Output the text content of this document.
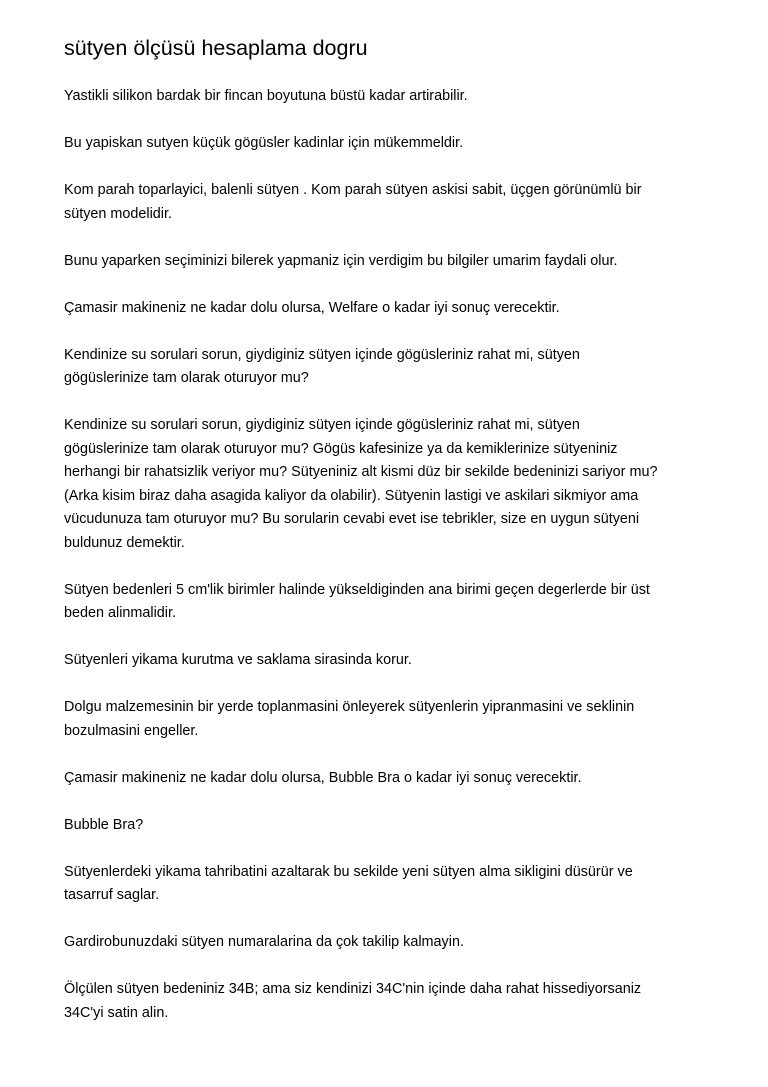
sütyen ölçüsü hesaplama dogru

Yastikli silikon bardak bir fincan boyutuna büstü kadar artirabilir.

Bu yapiskan sutyen küçük gögüsler kadinlar için mükemmeldir.

Kom parah toparlayici, balenli sütyen . Kom parah sütyen askisi sabit, üçgen görünümlü bir
sütyen modelidir.

Bunu yaparken seçiminizi bilerek yapmaniz için verdigim bu bilgiler umarim faydali olur.

Çamasir makineniz ne kadar dolu olursa, Welfare o kadar iyi sonuç verecektir.

Kendinize su sorulari sorun, giydiginiz sütyen içinde gögüsleriniz rahat mi, sütyen
gögüslerinize tam olarak oturuyor mu?

Kendinize su sorulari sorun, giydiginiz sütyen içinde gögüsleriniz rahat mi, sütyen
gögüslerinize tam olarak oturuyor mu? Gögüs kafesinize ya da kemiklerinize sütyeniniz
herhangi bir rahatsizlik veriyor mu? Sütyeniniz alt kismi düz bir sekilde bedeninizi sariyor mu?
(Arka kisim biraz daha asagida kaliyor da olabilir). Sütyenin lastigi ve askilari sikmiyor ama
vücudunuza tam oturuyor mu? Bu sorularin cevabi evet ise tebrikler, size en uygun sütyeni
buldunuz demektir.

Sütyen bedenleri 5 cm'lik birimler halinde yükseldiginden ana birimi geçen degerlerde bir üst
beden alinmalidir.

Sütyenleri yikama kurutma ve saklama sirasinda korur.

Dolgu malzemesinin bir yerde toplanmasini önleyerek sütyenlerin yipranmasini ve seklinin
bozulmasini engeller.

Çamasir makineniz ne kadar dolu olursa, Bubble Bra o kadar iyi sonuç verecektir.

Bubble Bra?

Sütyenlerdeki yikama tahribatini azaltarak bu sekilde yeni sütyen alma sikligini düsürür ve
tasarruf saglar.

Gardirobunuzdaki sütyen numaralarina da çok takilip kalmayin.

Ölçülen sütyen bedeniniz 34B; ama siz kendinizi 34C'nin içinde daha rahat hissediyorsaniz
34C'yi satin alin.
